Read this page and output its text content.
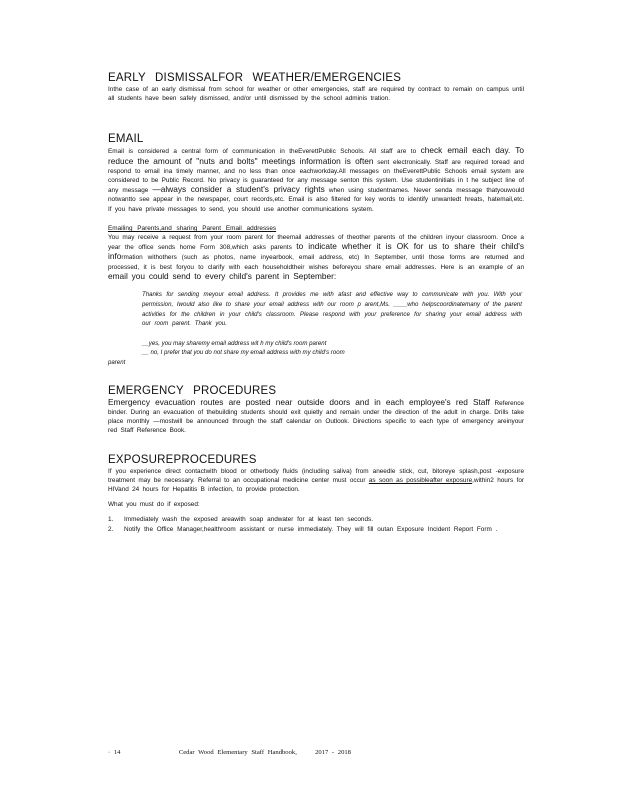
EARLY DISMISSALFOR WEATHER/EMERGENCIES

Inthe case of an early dismissal from school for weather or other emergencies, staff are required by contract to remain on campus until all students have been safely dismissed, and/or until dismissed by the school adminis tration.

EMAIL

Email is considered a central form of communication in theEverettPublic Schools. All staff are to check email each day. To reduce the amount of "nuts and bolts" meetings information is often sent electronically. Staff are required toread and respond to email ina timely manner, and no less than once eachworkday.All messages on theEverettPublic Schools email system are considered to be Public Record. No privacy is guaranteed for any message senton this system. Use studentinitials in t he subject line of any message —always consider a student's privacy rights when using studentnames. Never senda message thatyouwould notwantto see appear in the newspaper, court records,etc. Email is also filtered for key words to identify unwantedt hreats, hatemail,etc. If you have private messages to send, you should use another communications system.

Emailing Parents,and sharing Parent Email addresses

You may receive a request from your room parent for theemail addresses of theother parents of the children inyour classroom. Once a year the office sends home Form 308,which asks parents to indicate whether it is OK for us to share their child's information withothers (such as photos, name inyearbook, email address, etc) In September, until those forms are returned and processed, it is best foryou to clarify with each householdtheir wishes beforeyou share email addresses. Here is an example of an email you could send to every child's parent in September:

Thanks for sending meyour email address. It provides me with afast and effective way to communicate with you. With your permission, Iwould also like to share your email address with our room p arent,Ms. ____who helpscoordinatemany of the parent activities for the children in your child's classroom. Please respond with your preference for sharing your email address with our room parent. Thank you.

__yes, you may sharemy email address wit h my child's room parent

__ no, I prefer that you do not share my email address with my child's room

parent

EMERGENCY PROCEDURES

Emergency evacuation routes are posted near outside doors and in each employee's red Staff Reference binder. During an evacuation of thebuilding students should exit quietly and remain under the direction of the adult in charge. Drills take place monthly —mostwill be announced through the staff calendar on Outlook. Directions specific to each type of emergency areinyour red Staff Reference Book.

EXPOSUREPROCEDURES

If you experience direct contactwith blood or otherbody fluids (including saliva) from aneedle stick, cut, bitoreye splash,post -exposure treatment may be necessary. Referral to an occupational medicine center must occur as soon as possibleafter exposure,within2 hours for HIVand 24 hours for Hepatitis B infection, to provide protection.

What you must do if exposed:

1.	Immediately wash the exposed areawith soap andwater for at least ten seconds.
2.	Notify the Office Manager,healthroom assistant or nurse immediately. They will fill outan Exposure Incident Report Form .
· 14	Cedar Wood Elementary Staff Handbook,	2017 - 2018
